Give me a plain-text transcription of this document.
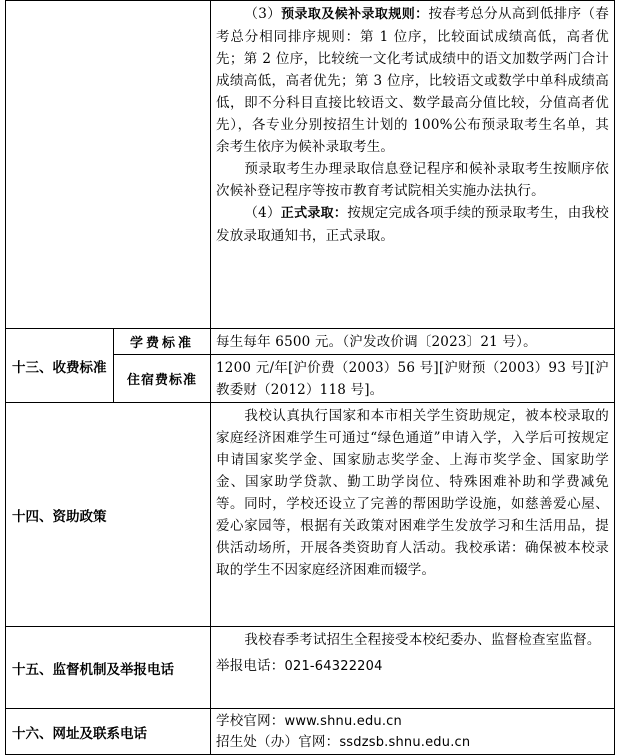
		（3）预录取及候补录取规则：按春考总分从高到低排序（春考总分相同排序规则：第 1 位序，比较面试成绩高低，高者优先；第 2 位序，比较统一文化考试成绩中的语文加数学两门合计成绩高低，高者优先；第 3 位序，比较语文或数学中单科成绩高低，即不分科目直接比较语文、数学最高分值比较，分值高者优先），各专业分别按招生计划的 100%公布预录取考生名单，其余考生依序为候补录取考生。

预录取考生办理录取信息登记程序和候补录取考生按顺序依次候补登记程序等按市教育考试院相关实施办法执行。

（4）正式录取：按规定完成各项手续的预录取考生，由我校发放录取通知书，正式录取。

十三、收费标准	学费标准	每生每年 6500 元。（沪发改价调〔2023〕21 号）。

	住宿费标准	1200 元/年[沪价费（2003）56 号][沪财预（2003）93 号][沪教委财（2012）118 号]。

十四、资助政策		我校认真执行国家和本市相关学生资助规定，被本校录取的家庭经济困难学生可通过“绿色通道”申请入学，入学后可按规定申请国家奖学金、国家励志奖学金、上海市奖学金、国家助学金、国家助学贷款、勤工助学岗位、特殊困难补助和学费减免等。同时，学校还设立了完善的帮困助学设施，如慈善爱心屋、爱心家园等，根据有关政策对困难学生发放学习和生活用品，提供活动场所，开展各类资助育人活动。我校承诺：确保被本校录取的学生不因家庭经济困难而辍学。

十五、监督机制及举报电话		我校春季考试招生全程接受本校纪委办、监督检查室监督。

举报电话：021-64322204

十六、网址及联系电话		学校官网：www.shnu.edu.cn

招生处（办）官网：ssdzsb.shnu.edu.cn
